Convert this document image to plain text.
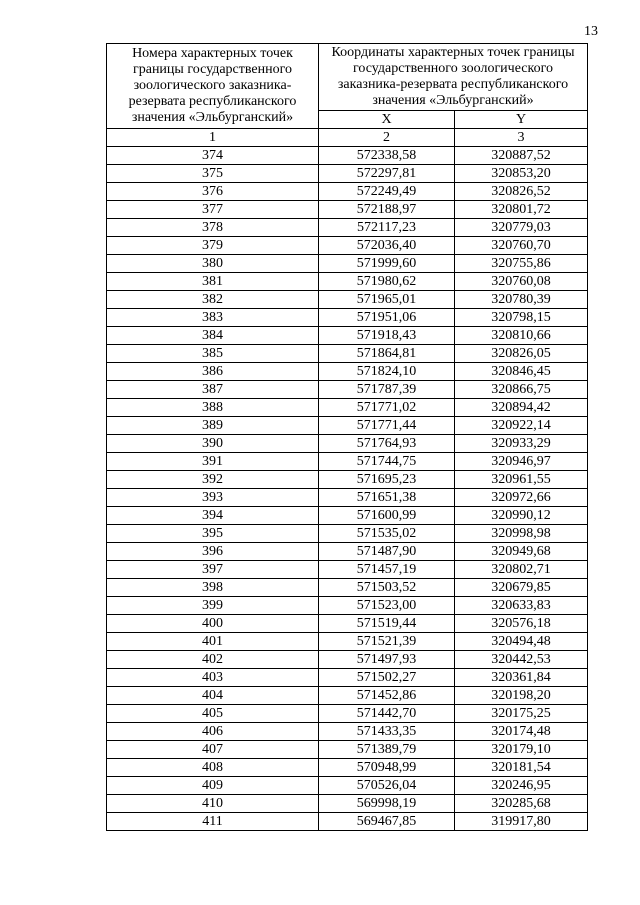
13
Номера характерных точек границы государственного зоологического заказника-резервата республиканского значения «Эльбурганский»	Координаты характерных точек границы государственного зоологического заказника-резервата республиканского значения «Эльбурганский»	
	X	Y
1	2	3
374	572338,58	320887,52
375	572297,81	320853,20
376	572249,49	320826,52
377	572188,97	320801,72
378	572117,23	320779,03
379	572036,40	320760,70
380	571999,60	320755,86
381	571980,62	320760,08
382	571965,01	320780,39
383	571951,06	320798,15
384	571918,43	320810,66
385	571864,81	320826,05
386	571824,10	320846,45
387	571787,39	320866,75
388	571771,02	320894,42
389	571771,44	320922,14
390	571764,93	320933,29
391	571744,75	320946,97
392	571695,23	320961,55
393	571651,38	320972,66
394	571600,99	320990,12
395	571535,02	320998,98
396	571487,90	320949,68
397	571457,19	320802,71
398	571503,52	320679,85
399	571523,00	320633,83
400	571519,44	320576,18
401	571521,39	320494,48
402	571497,93	320442,53
403	571502,27	320361,84
404	571452,86	320198,20
405	571442,70	320175,25
406	571433,35	320174,48
407	571389,79	320179,10
408	570948,99	320181,54
409	570526,04	320246,95
410	569998,19	320285,68
411	569467,85	319917,80
